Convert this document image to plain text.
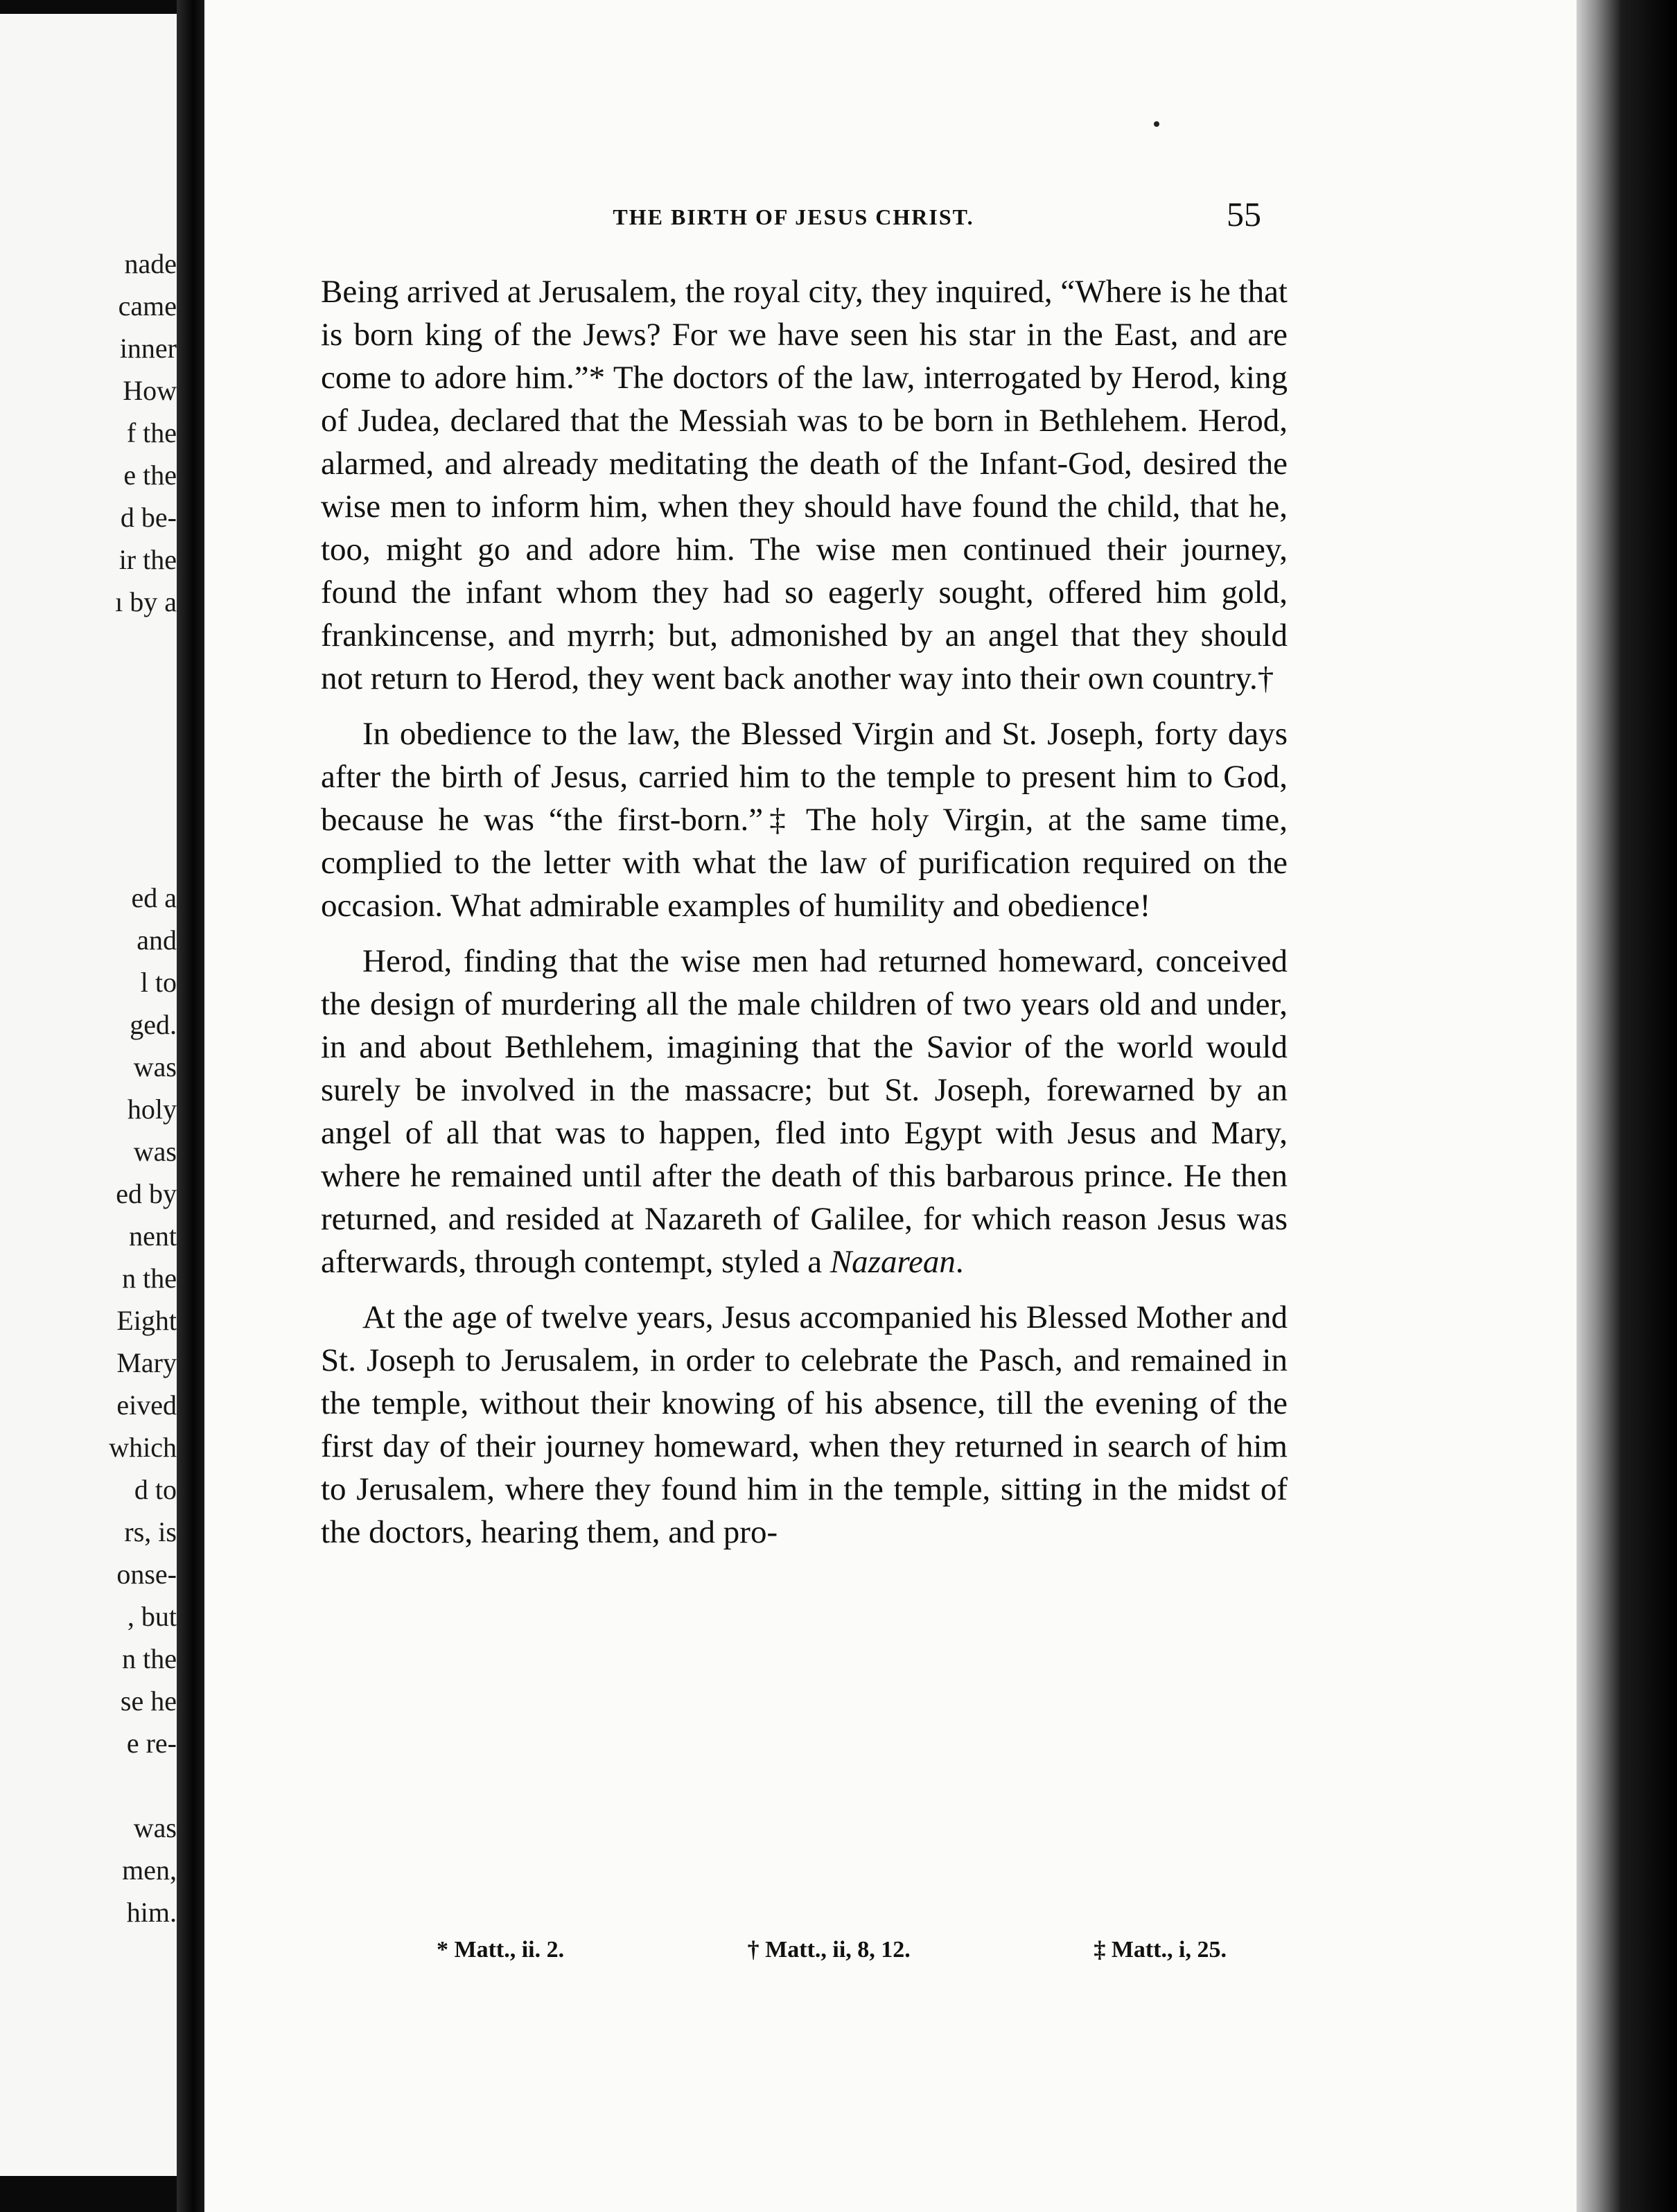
nade
came
inner
How
f the
e the
d be-
ir the
ı by a
ed a
and
l to
ged.
was
holy
was
ed by
nent
n the
Eight
Mary
eived
which
d to
rs, is
onse-
, but
n the
se he
e re-
was
men,
him.
THE BIRTH OF JESUS CHRIST.	55

Being arrived at Jerusalem, the royal city, they inquired, “Where is he that is born king of the Jews? For we have seen his star in the East, and are come to adore him.”* The doctors of the law, interrogated by Herod, king of Judea, declared that the Messiah was to be born in Bethlehem. Herod, alarmed, and already meditating the death of the Infant-God, desired the wise men to inform him, when they should have found the child, that he, too, might go and adore him. The wise men continued their journey, found the infant whom they had so eagerly sought, offered him gold, frankincense, and myrrh; but, admonished by an angel that they should not return to Herod, they went back another way into their own country.†

In obedience to the law, the Blessed Virgin and St. Joseph, forty days after the birth of Jesus, carried him to the temple to present him to God, because he was “the first-born.”‡ The holy Virgin, at the same time, complied to the letter with what the law of purification required on the occasion. What admirable examples of humility and obedience!

Herod, finding that the wise men had returned homeward, conceived the design of murdering all the male children of two years old and under, in and about Bethlehem, imagining that the Savior of the world would surely be involved in the massacre; but St. Joseph, forewarned by an angel of all that was to happen, fled into Egypt with Jesus and Mary, where he remained until after the death of this barbarous prince. He then returned, and resided at Nazareth of Galilee, for which reason Jesus was afterwards, through contempt, styled a Nazarean.

At the age of twelve years, Jesus accompanied his Blessed Mother and St. Joseph to Jerusalem, in order to celebrate the Pasch, and remained in the temple, without their knowing of his absence, till the evening of the first day of their journey homeward, when they returned in search of him to Jerusalem, where they found him in the temple, sitting in the midst of the doctors, hearing them, and pro-

* Matt., ii. 2.	† Matt., ii, 8, 12.	‡ Matt., i, 25.
